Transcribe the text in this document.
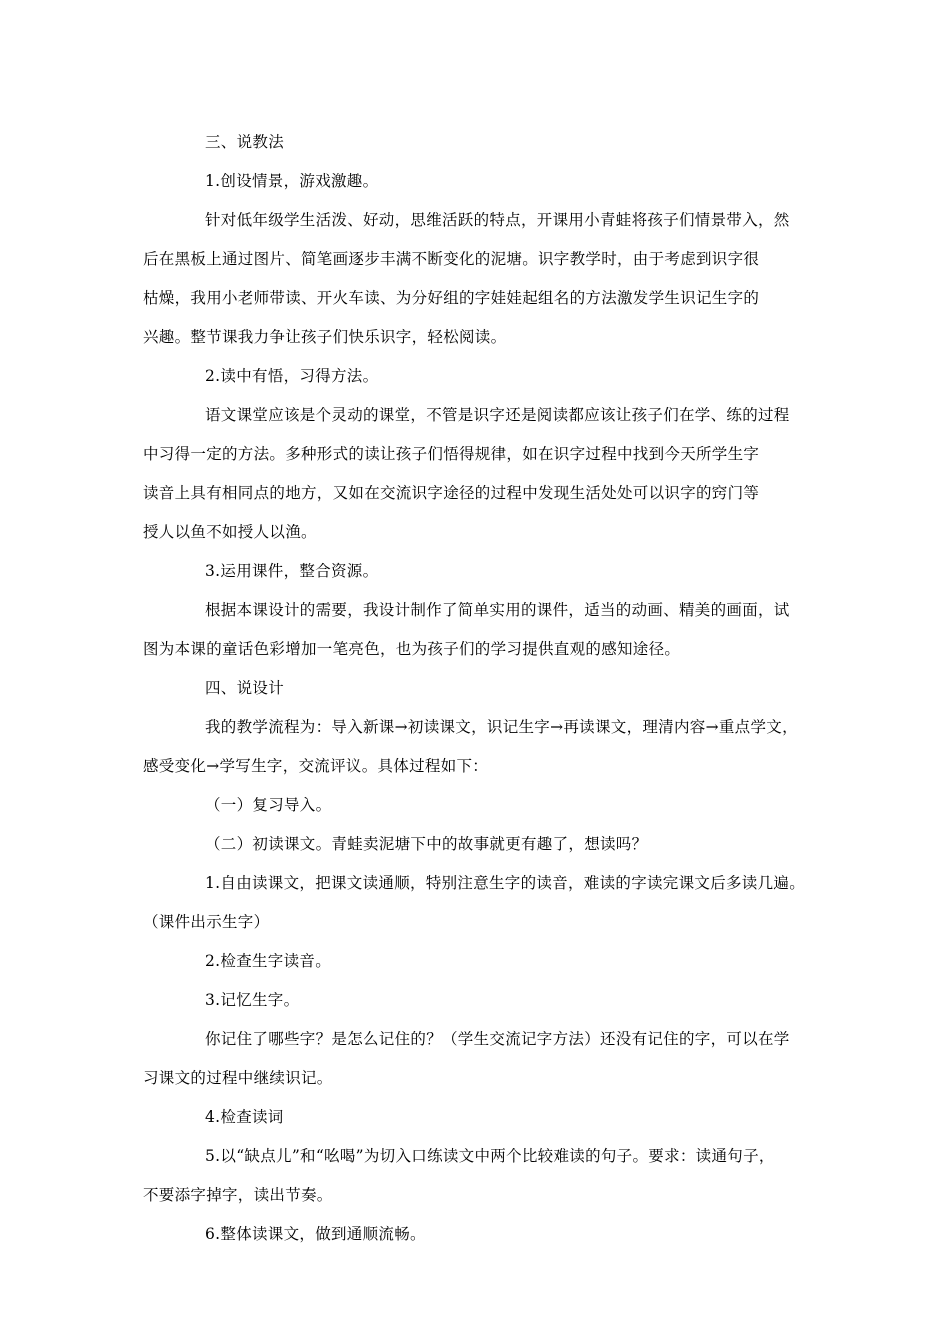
三、说教法
1.创设情景，游戏激趣。
针对低年级学生活泼、好动，思维活跃的特点，开课用小青蛙将孩子们情景带入，然
后在黑板上通过图片、简笔画逐步丰满不断变化的泥塘。识字教学时，由于考虑到识字很
枯燥，我用小老师带读、开火车读、为分好组的字娃娃起组名的方法激发学生识记生字的
兴趣。整节课我力争让孩子们快乐识字，轻松阅读。
2.读中有悟，习得方法。
语文课堂应该是个灵动的课堂，不管是识字还是阅读都应该让孩子们在学、练的过程
中习得一定的方法。多种形式的读让孩子们悟得规律，如在识字过程中找到今天所学生字
读音上具有相同点的地方，又如在交流识字途径的过程中发现生活处处可以识字的窍门等
授人以鱼不如授人以渔。
3.运用课件，整合资源。
根据本课设计的需要，我设计制作了简单实用的课件，适当的动画、精美的画面，试
图为本课的童话色彩增加一笔亮色，也为孩子们的学习提供直观的感知途径。
四、说设计
我的教学流程为：导入新课→初读课文，识记生字→再读课文，理清内容→重点学文，
感受变化→学写生字，交流评议。具体过程如下：
（一）复习导入。
（二）初读课文。青蛙卖泥塘下中的故事就更有趣了，想读吗？
1.自由读课文，把课文读通顺，特别注意生字的读音，难读的字读完课文后多读几遍。
（课件出示生字）
2.检查生字读音。
3.记忆生字。
你记住了哪些字？是怎么记住的？（学生交流记字方法）还没有记住的字，可以在学
习课文的过程中继续识记。
4.检查读词
5.以“缺点儿”和“吆喝”为切入口练读文中两个比较难读的句子。要求：读通句子，
不要添字掉字，读出节奏。
6.整体读课文，做到通顺流畅。
